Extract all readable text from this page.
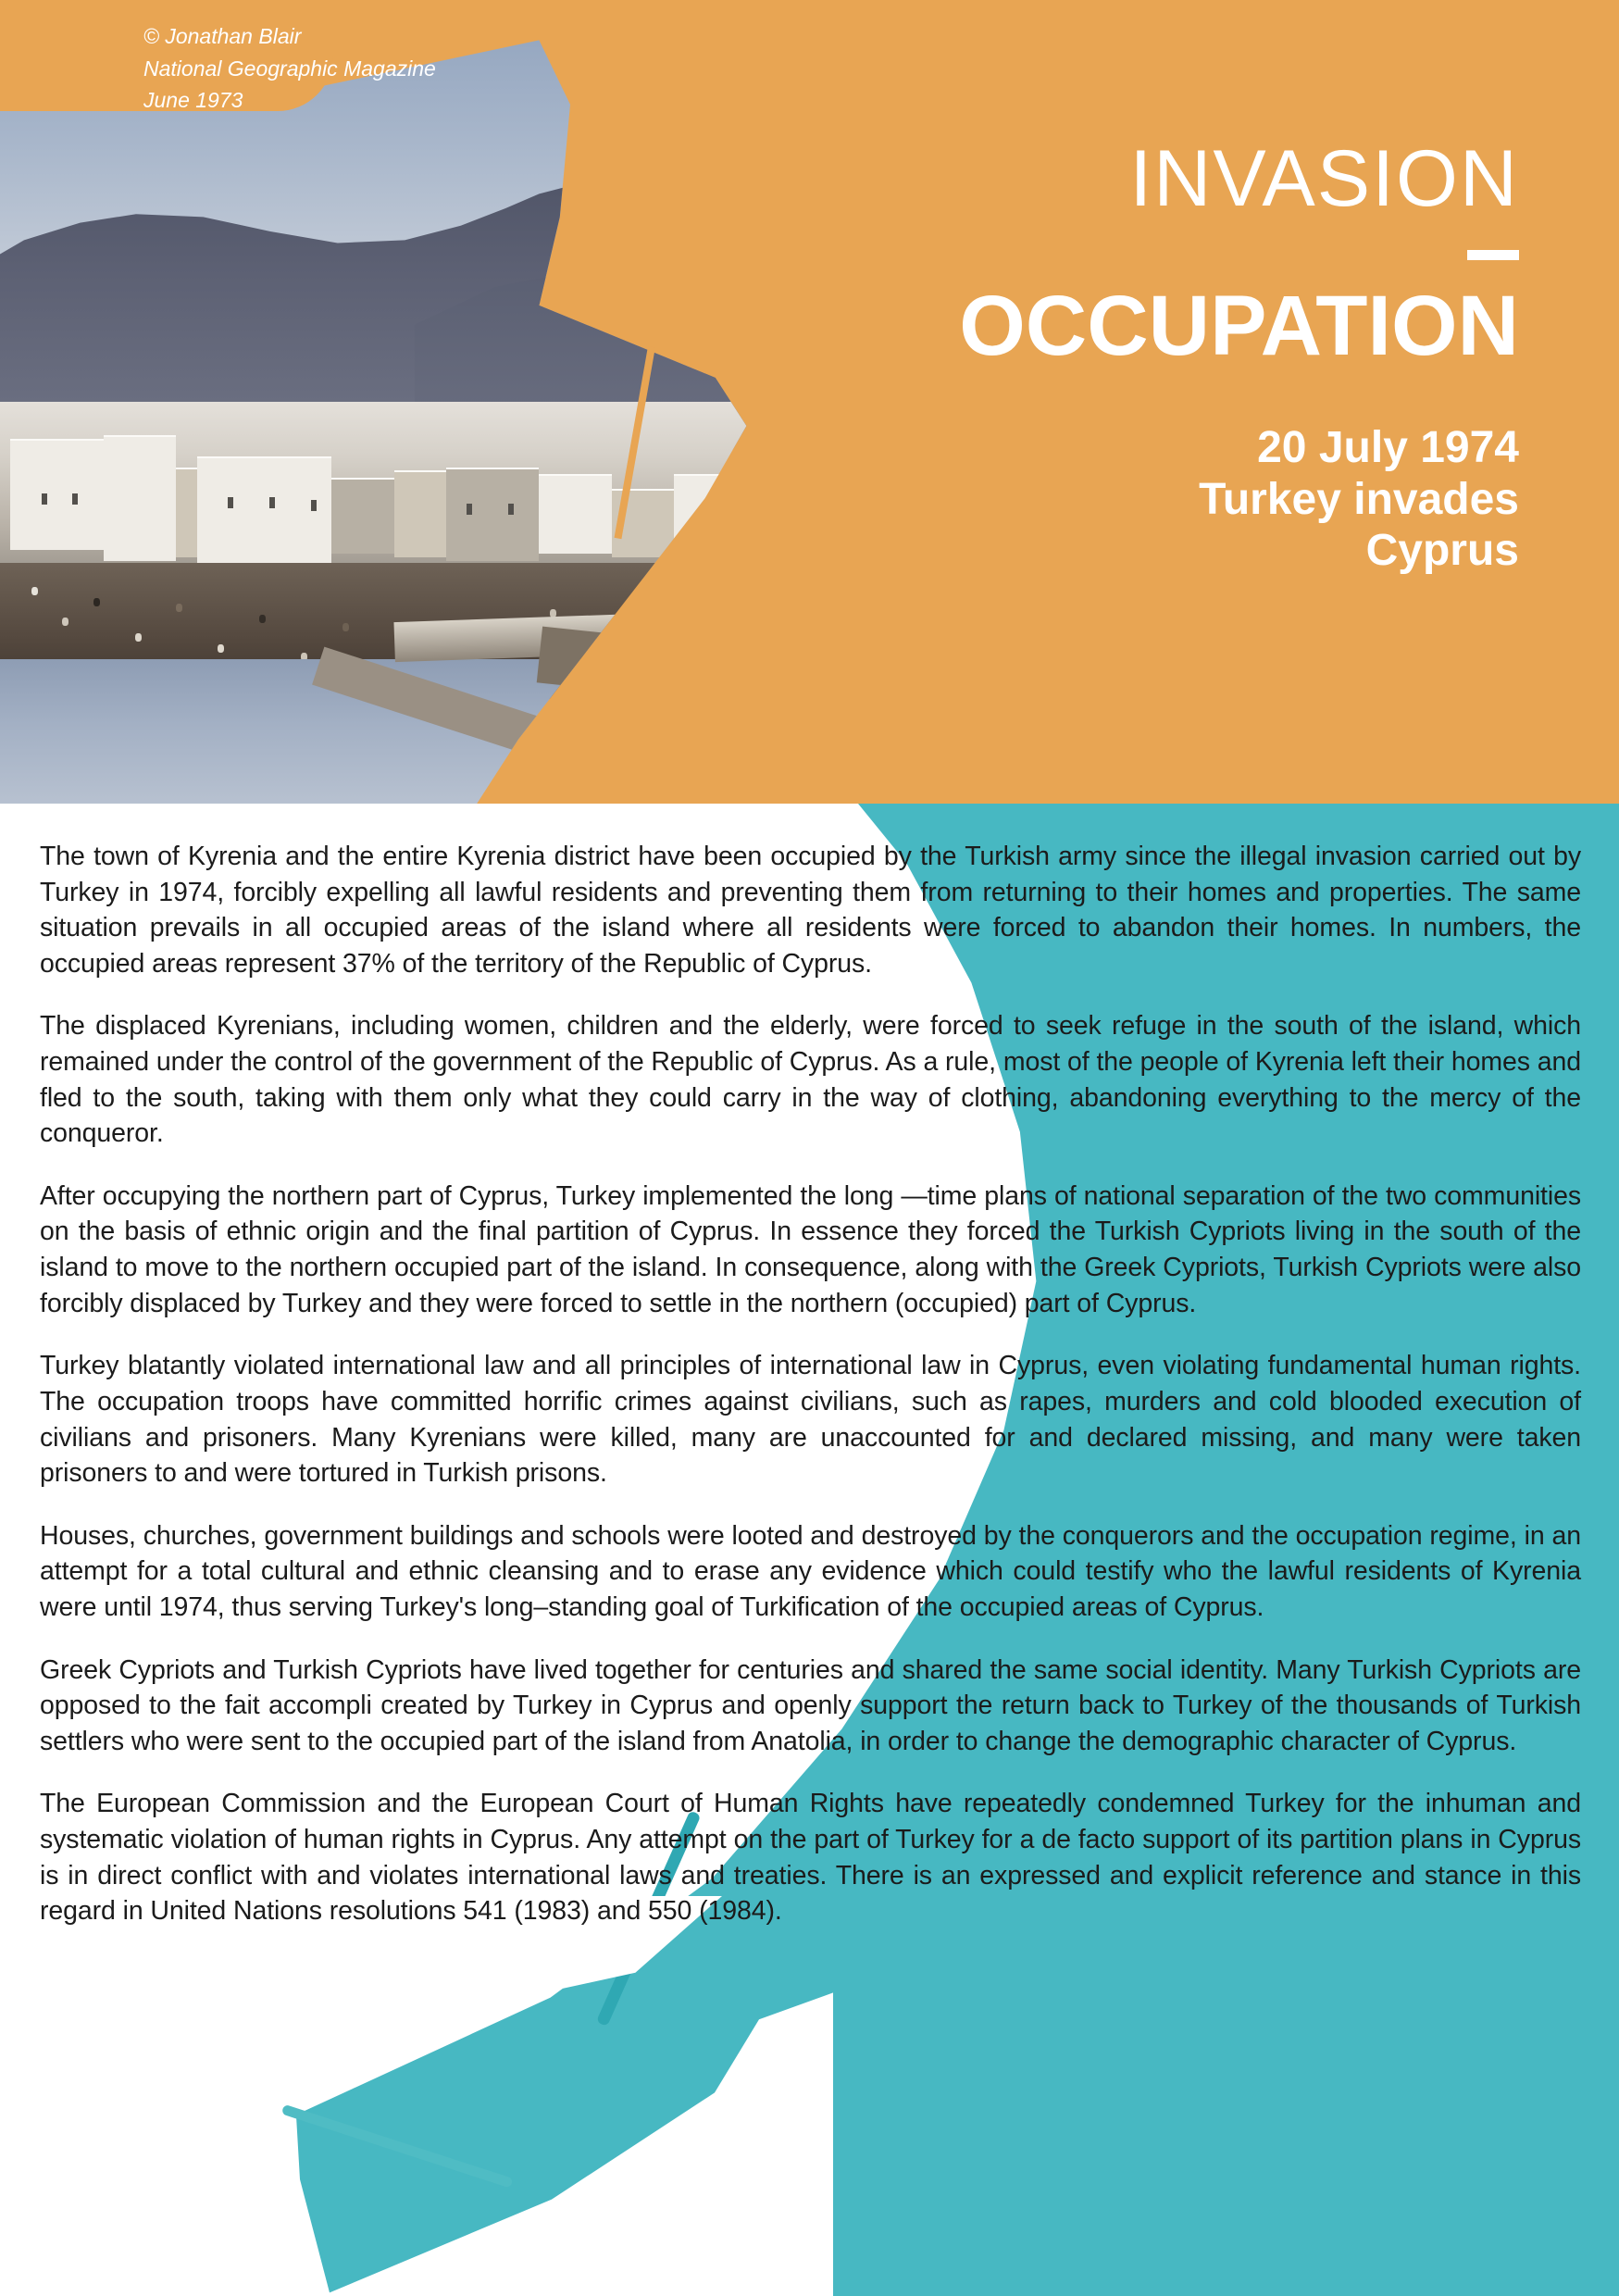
© Jonathan Blair
National Geographic Magazine
June 1973
INVASION
OCCUPATION
20 July 1974
Turkey invades
Cyprus

The town of Kyrenia and the entire Kyrenia district have been occupied by the Turkish army since the illegal invasion carried out by Turkey in 1974, forcibly expelling all lawful residents and preventing them from returning to their homes and properties. The same situation prevails in all occupied areas of the island where all residents were forced to abandon their homes. In numbers, the occupied areas represent 37% of the territory of the Republic of Cyprus.

The displaced Kyrenians, including women, children and the elderly, were forced to seek refuge in the south of the island, which remained under the control of the government of the Republic of Cyprus. As a rule, most of the people of Kyrenia left their homes and fled to the south, taking with them only what they could carry in the way of clothing, abandoning everything to the mercy of the conqueror.

After occupying the northern part of Cyprus, Turkey implemented the long —time plans of national separation of the two communities on the basis of ethnic origin and the final partition of Cyprus. In essence they forced the Turkish Cypriots living in the south of the island to move to the northern occupied part of the island. In consequence, along with the Greek Cypriots, Turkish Cypriots were also forcibly displaced by Turkey and they were forced to settle in the northern (occupied) part of Cyprus.

Turkey blatantly violated international law and all principles of international law in Cyprus, even violating fundamental human rights. The occupation troops have committed horrific crimes against civilians, such as rapes, murders and cold blooded execution of civilians and prisoners. Many Kyrenians were killed, many are unaccounted for and declared missing, and many were taken prisoners to and were tortured in Turkish prisons.

Houses, churches, government buildings and schools were looted and destroyed by the conquerors and the occupation regime, in an attempt for a total cultural and ethnic cleansing and to erase any evidence which could testify who the lawful residents of Kyrenia were until 1974, thus serving Turkey's long–standing goal of Turkification of the occupied areas of Cyprus.

Greek Cypriots and Turkish Cypriots have lived together for centuries and shared the same social identity. Many Turkish Cypriots are opposed to the fait accompli created by Turkey in Cyprus and openly support the return back to Turkey of the thousands of Turkish settlers who were sent to the occupied part of the island from Anatolia, in order to change the demographic character of Cyprus.

The European Commission and the European Court of Human Rights have repeatedly condemned Turkey for the inhuman and systematic violation of human rights in Cyprus. Any attempt on the part of Turkey for a de facto support of its partition plans in Cyprus is in direct conflict with and violates international laws and treaties. There is an expressed and explicit reference and stance in this regard in United Nations resolutions 541 (1983) and 550 (1984).
